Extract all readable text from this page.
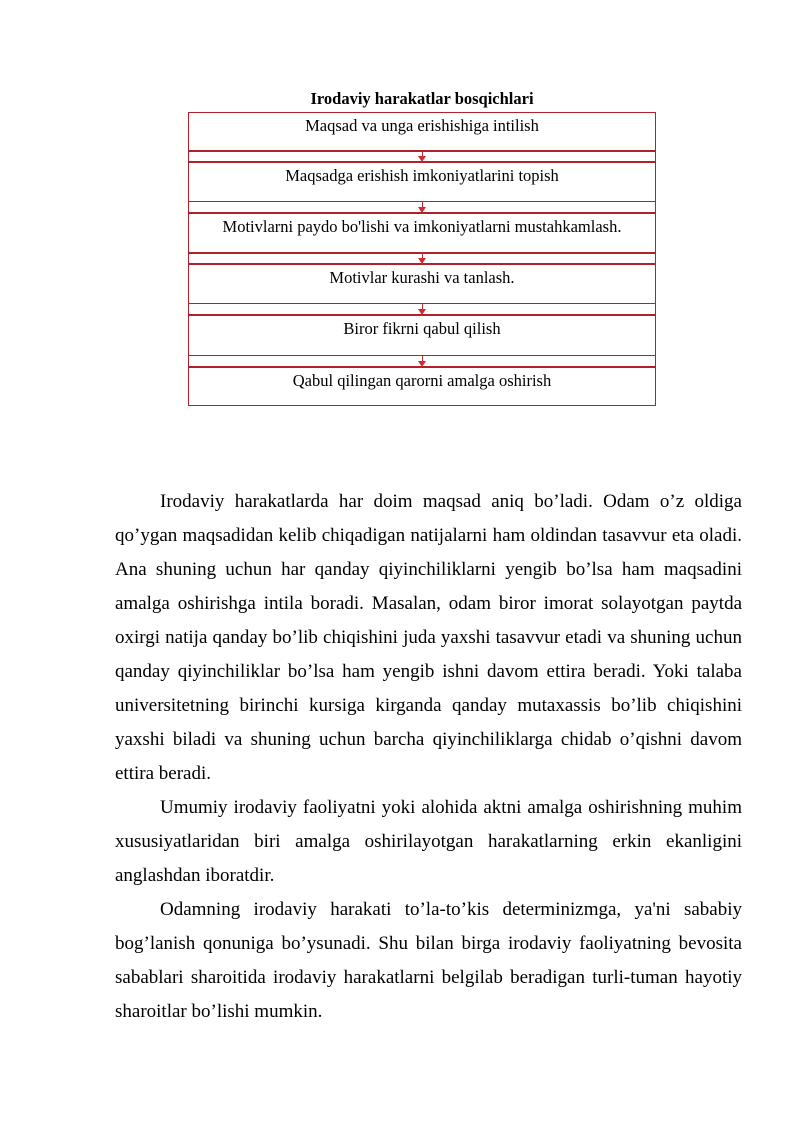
Irodaviy harakatlar bosqichlari
Maqsad va unga erishishiga intilish
Maqsadga erishish imkoniyatlarini topish
Motivlarni paydo bo'lishi va imkoniyatlarni mustahkamlash.
Motivlar kurashi va tanlash.
Biror fikrni qabul qilish
Qabul qilingan qarorni amalga oshirish

Irodaviy harakatlarda har doim maqsad aniq bo’ladi. Odam o’z oldiga qo’ygan maqsadidan kelib chiqadigan natijalarni ham oldindan tasavvur eta oladi. Ana shuning uchun har qanday qiyinchiliklarni yengib bo’lsa ham maqsadini amalga oshirishga intila boradi. Masalan, odam biror imorat solayotgan paytda oxirgi natija qanday bo’lib chiqishini juda yaxshi tasavvur etadi va shuning uchun qanday qiyinchiliklar bo’lsa ham yengib ishni davom ettira beradi. Yoki talaba universitetning birinchi kursiga kirganda qanday mutaxassis bo’lib chiqishini yaxshi biladi va shuning uchun barcha qiyinchiliklarga chidab o’qishni davom ettira beradi.

Umumiy irodaviy faoliyatni yoki alohida aktni amalga oshirishning muhim xususiyatlaridan biri amalga oshirilayotgan harakatlarning erkin ekanligini anglashdan iboratdir.

Odamning irodaviy harakati to’la-to’kis determinizmga, ya'ni sababiy bog’lanish qonuniga bo’ysunadi. Shu bilan birga irodaviy faoliyatning bevosita sabablari sharoitida irodaviy harakatlarni belgilab beradigan turli-tuman hayotiy sharoitlar bo’lishi mumkin.
